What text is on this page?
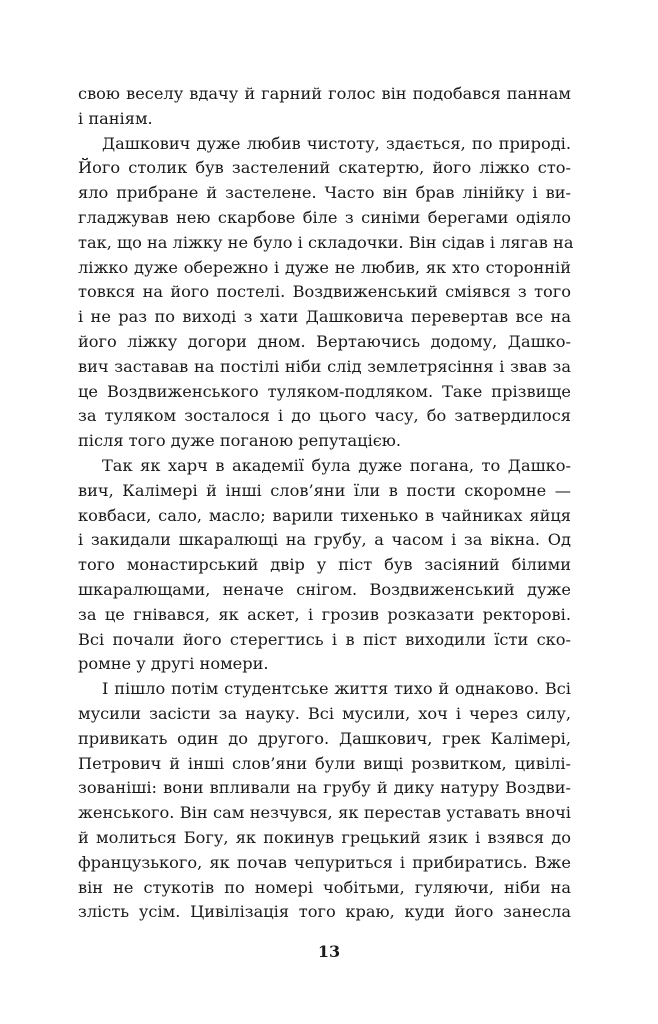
свою веселу вдачу й гарний голос він подобався паннам
і паніям.
Дашкович дуже любив чистоту, здається, по природі.
Його столик був застелений скатертю, його ліжко сто-
яло прибране й застелене. Часто він брав лінійку і ви-
гладжував нею скарбове біле з синіми берегами одіяло
так, що на ліжку не було і складочки. Він сідав і лягав на
ліжко дуже обережно і дуже не любив, як хто сторонній
товкся на його постелі. Воздвиженський сміявся з того
і не раз по виході з хати Дашковича перевертав все на
його ліжку догори дном. Вертаючись додому, Дашко-
вич заставав на постілі ніби слід землетрясіння і звав за
це Воздвиженського туляком-подляком. Таке прізвище
за туляком зосталося і до цього часу, бо затвердилося
після того дуже поганою репутацією.
Так як харч в академії була дуже погана, то Дашко-
вич, Калімері й інші слов’яни їли в пости скоромне —
ковбаси, сало, масло; варили тихенько в чайниках яйця
і закидали шкаралющі на грубу, а часом і за вікна. Од
того монастирський двір у піст був засіяний білими
шкаралющами, неначе снігом. Воздвиженський дуже
за це гнівався, як аскет, і грозив розказати ректорові.
Всі почали його стерегтись і в піст виходили їсти ско-
ромне у другі номери.
І пішло потім студентське життя тихо й однаково. Всі
мусили засісти за науку. Всі мусили, хоч і через силу,
привикать один до другого. Дашкович, грек Калімері,
Петрович й інші слов’яни були вищі розвитком, цивілі-
зованіші: вони впливали на грубу й дику натуру Воздви-
женського. Він сам незчувся, як перестав уставать вночі
й молиться Богу, як покинув грецький язик і взявся до
французького, як почав чепуриться і прибиратись. Вже
він не стукотів по номері чобітьми, гуляючи, ніби на
злість усім. Цивілізація того краю, куди його занесла
13
